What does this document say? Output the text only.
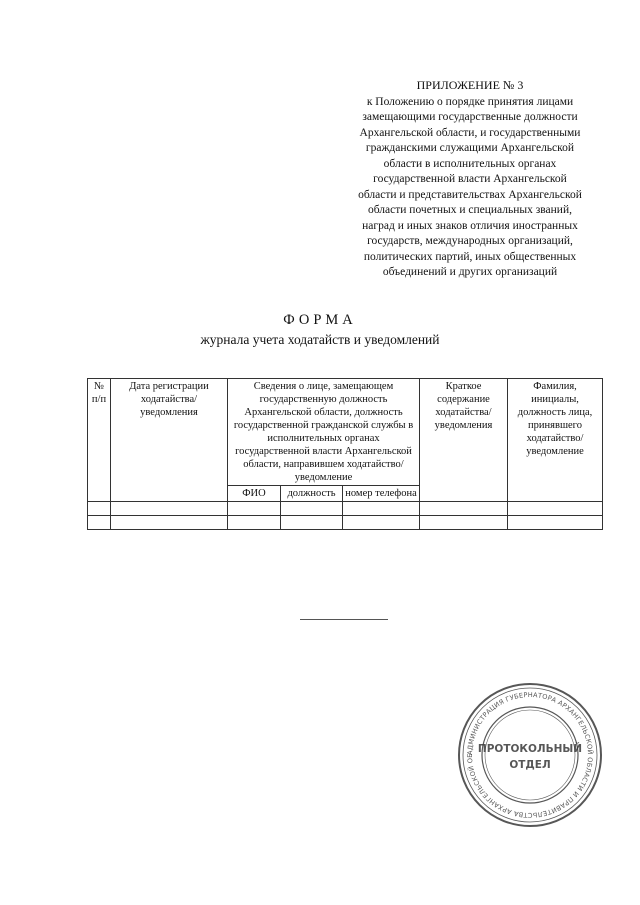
ПРИЛОЖЕНИЕ № 3
к Положению о порядке принятия лицами
замещающими государственные должности
Архангельской области, и государственными
гражданскими служащими Архангельской
области в исполнительных органах
государственной власти Архангельской
области и представительствах Архангельской
области почетных и специальных званий,
наград и иных знаков отличия иностранных
государств, международных организаций,
политических партий, иных общественных
объединений и других организаций
ФОРМА
журнала учета ходатайств и уведомлений
№ п/п	Дата регистрации ходатайства/ уведомления	Сведения о лице, замещающем государственную должность Архангельской области, должность государственной гражданской службы в исполнительных органах государственной власти Архангельской области, направившем ходатайство/ уведомление			Краткое содержание ходатайства/ уведомления	Фамилия, инициалы, должность лица, принявшего ходатайство/ уведомление
		ФИО	должность	номер телефона		

АДМИНИСТРАЦИЯ ГУБЕРНАТОРА АРХАНГЕЛЬСКОЙ ОБЛАСТИ И ПРАВИТЕЛЬСТВА АРХАНГЕЛЬСКОЙ ОБ
ПРОТОКОЛЬНЫЙ
ОТДЕЛ
